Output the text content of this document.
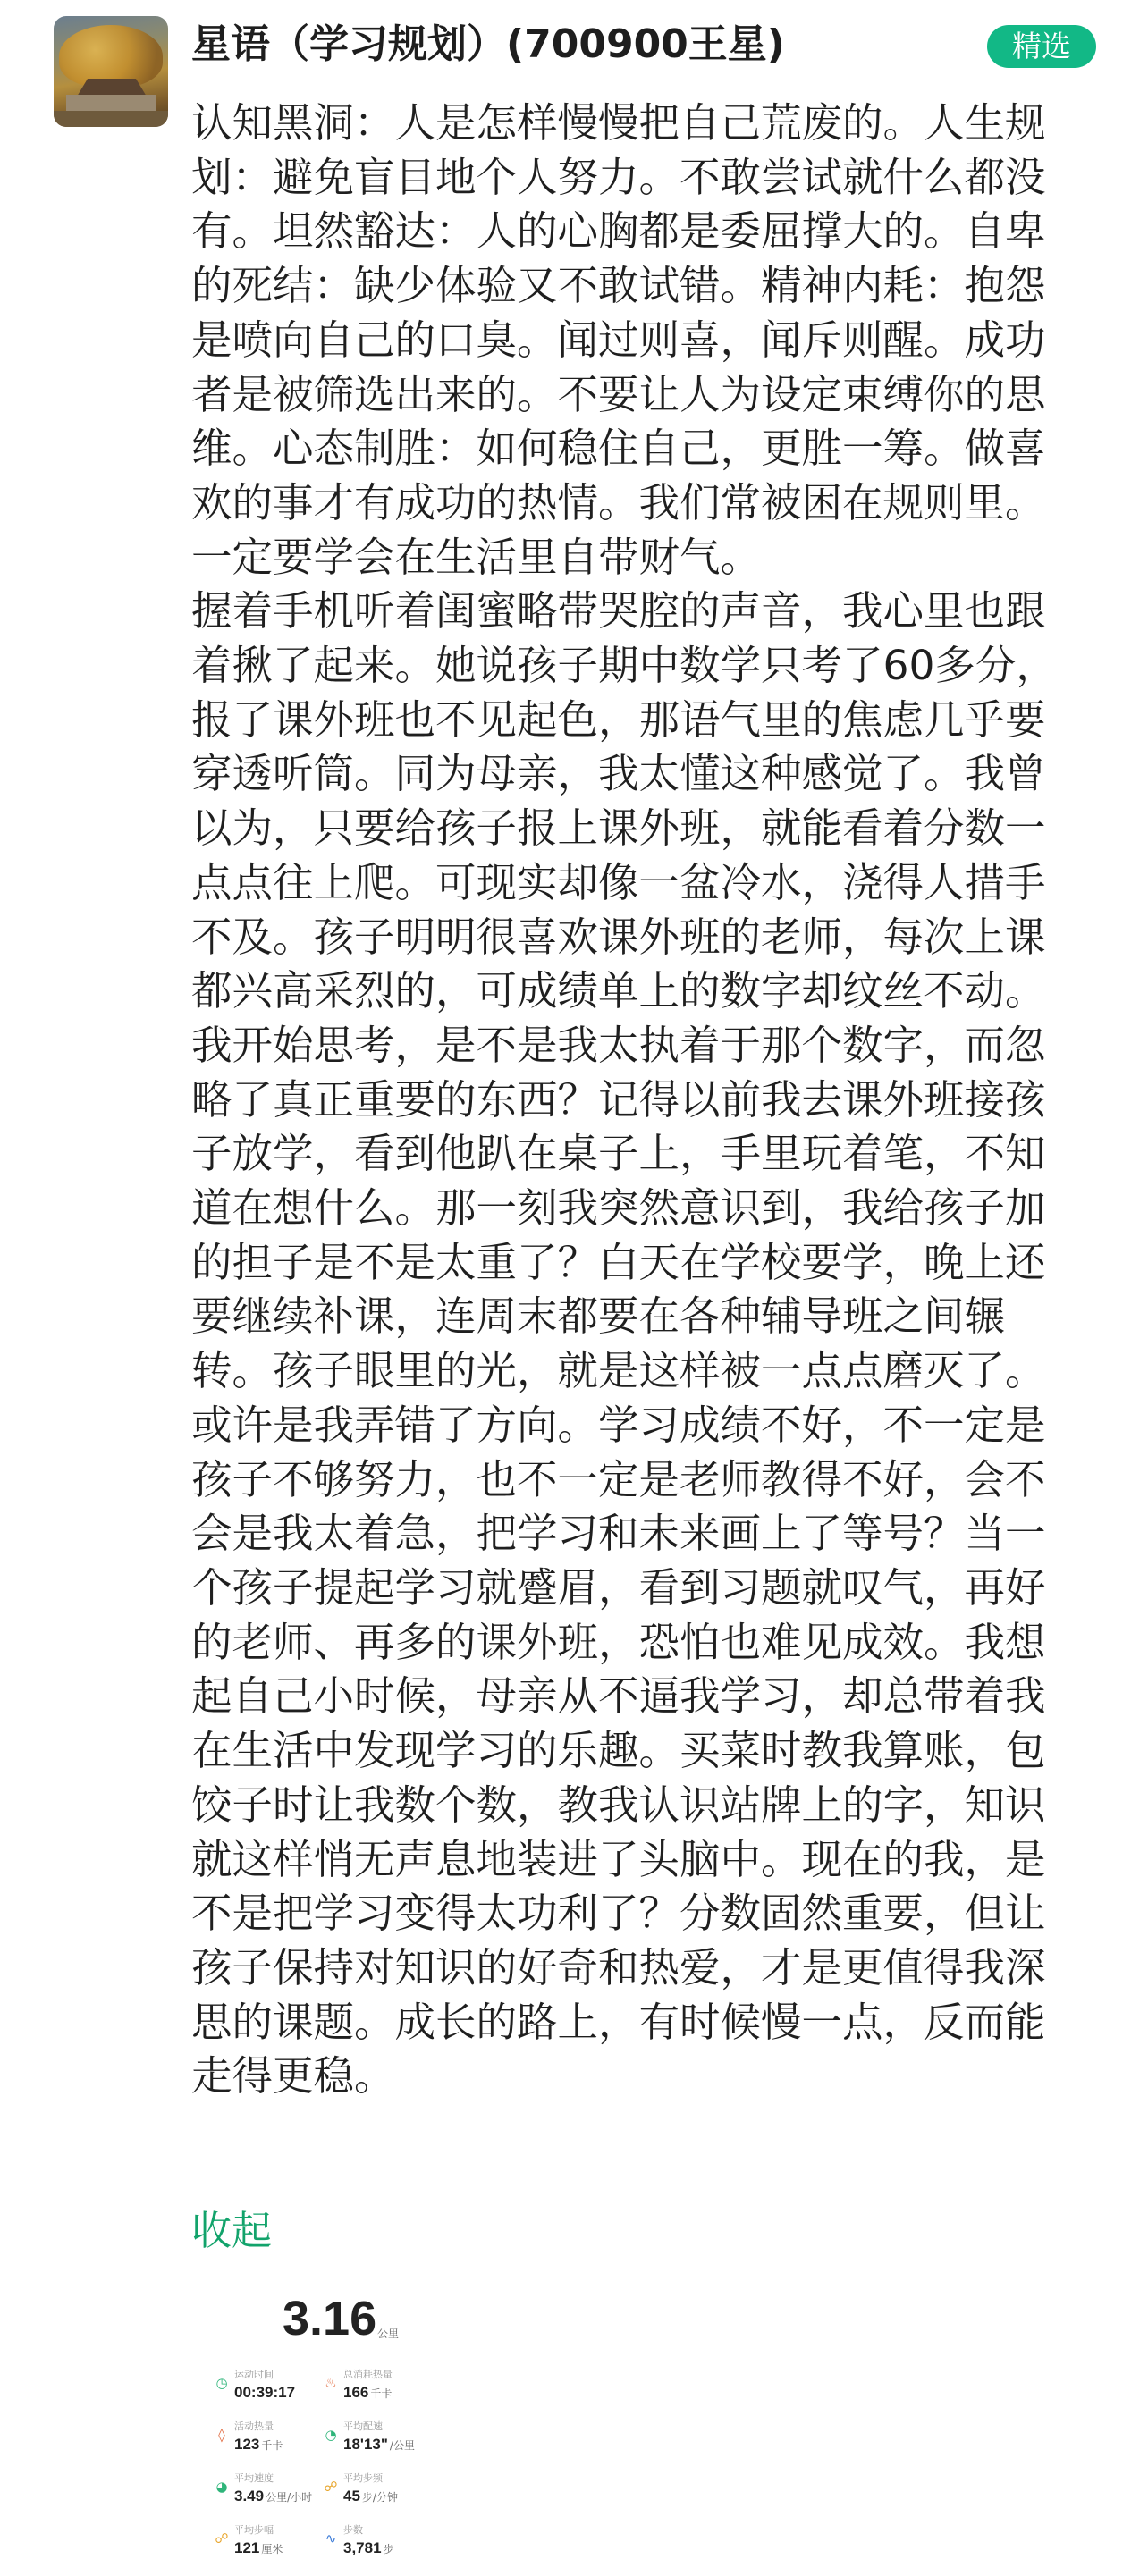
星语（学习规划）(700900王星)	精选
认知黑洞：人是怎样慢慢把自己荒废的。人生规划：避免盲目地个人努力。不敢尝试就什么都没有。坦然豁达：人的心胸都是委屈撑大的。自卑的死结：缺少体验又不敢试错。精神内耗：抱怨是喷向自己的口臭。闻过则喜，闻斥则醒。成功者是被筛选出来的。不要让人为设定束缚你的思维。心态制胜：如何稳住自己，更胜一筹。做喜欢的事才有成功的热情。我们常被困在规则里。一定要学会在生活里自带财气。
握着手机听着闺蜜略带哭腔的声音，我心里也跟着揪了起来。她说孩子期中数学只考了60多分，报了课外班也不见起色，那语气里的焦虑几乎要穿透听筒。同为母亲，我太懂这种感觉了。我曾以为，只要给孩子报上课外班，就能看着分数一点点往上爬。可现实却像一盆冷水，浇得人措手不及。孩子明明很喜欢课外班的老师，每次上课都兴高采烈的，可成绩单上的数字却纹丝不动。我开始思考，是不是我太执着于那个数字，而忽略了真正重要的东西？记得以前我去课外班接孩子放学，看到他趴在桌子上，手里玩着笔，不知道在想什么。那一刻我突然意识到，我给孩子加的担子是不是太重了？白天在学校要学，晚上还要继续补课，连周末都要在各种辅导班之间辗转。孩子眼里的光，就是这样被一点点磨灭了。或许是我弄错了方向。学习成绩不好，不一定是孩子不够努力，也不一定是老师教得不好，会不会是我太着急，把学习和未来画上了等号？当一个孩子提起学习就蹙眉，看到习题就叹气，再好的老师、再多的课外班，恐怕也难见成效。我想起自己小时候，母亲从不逼我学习，却总带着我在生活中发现学习的乐趣。买菜时教我算账，包饺子时让我数个数，教我认识站牌上的字，知识就这样悄无声息地装进了头脑中。现在的我，是不是把学习变得太功利了？分数固然重要，但让孩子保持对知识的好奇和热爱，才是更值得我深思的课题。成长的路上，有时候慢一点，反而能走得更稳。
收起
3.16 公里
◷
运动时间
00:39:17
♨
总消耗热量
166 千卡
◊
活动热量
123 千卡
◔
平均配速
18'13" /公里
◕
平均速度
3.49 公里/小时
☍
平均步频
45 步/分钟
☍
平均步幅
121 厘米
∿
步数
3,781 步
